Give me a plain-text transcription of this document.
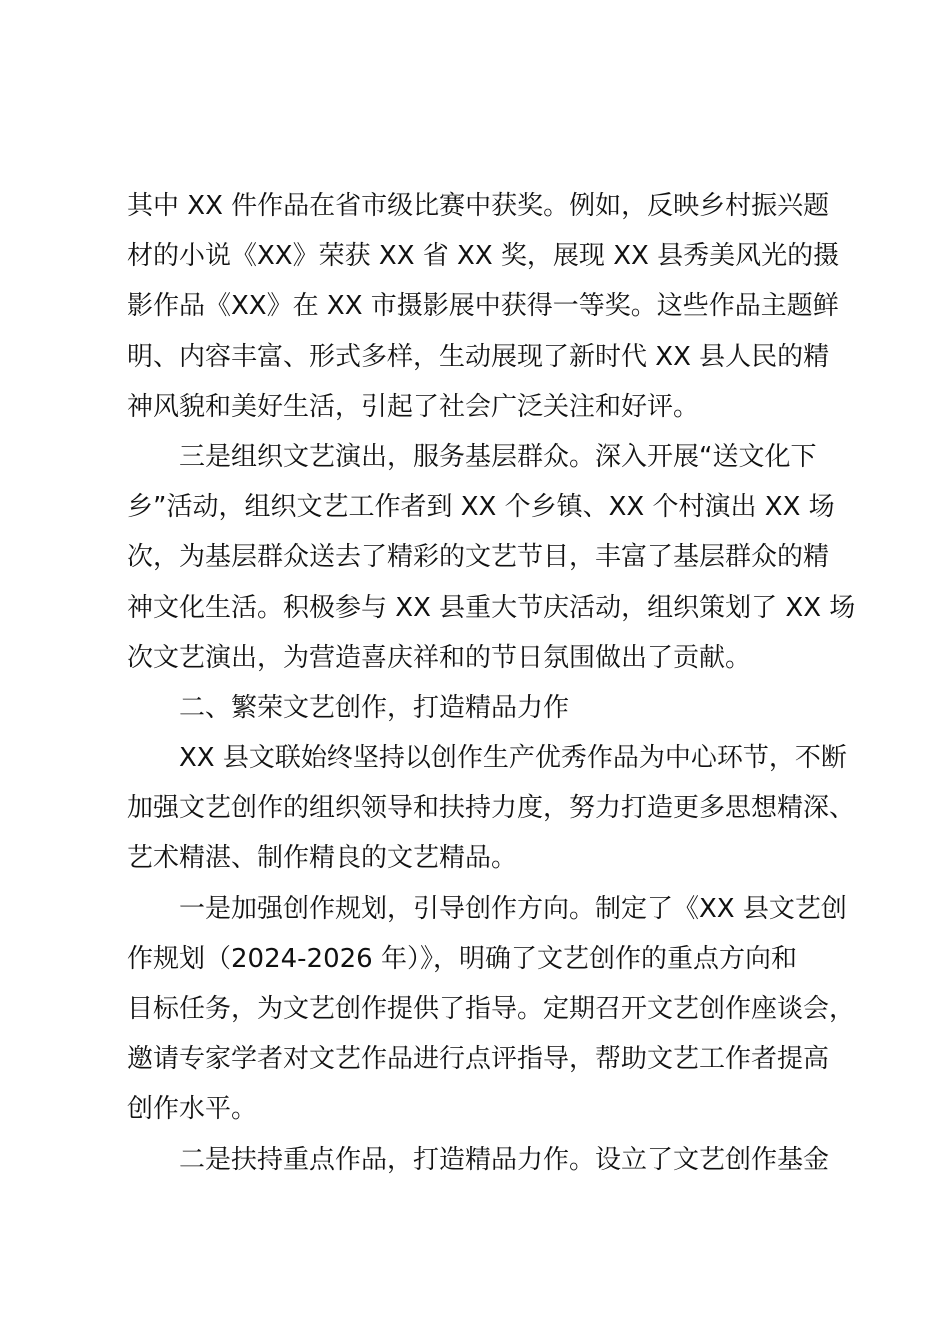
其中 XX 件作品在省市级比赛中获奖。例如，反映乡村振兴题
材的小说《XX》荣获 XX 省 XX 奖，展现 XX 县秀美风光的摄
影作品《XX》在 XX 市摄影展中获得一等奖。这些作品主题鲜
明、内容丰富、形式多样，生动展现了新时代 XX 县人民的精
神风貌和美好生活，引起了社会广泛关注和好评。
三是组织文艺演出，服务基层群众。深入开展“送文化下
乡”活动，组织文艺工作者到 XX 个乡镇、XX 个村演出 XX 场
次，为基层群众送去了精彩的文艺节目，丰富了基层群众的精
神文化生活。积极参与 XX 县重大节庆活动，组织策划了 XX 场
次文艺演出，为营造喜庆祥和的节日氛围做出了贡献。
二、繁荣文艺创作，打造精品力作
XX 县文联始终坚持以创作生产优秀作品为中心环节，不断
加强文艺创作的组织领导和扶持力度，努力打造更多思想精深、
艺术精湛、制作精良的文艺精品。
一是加强创作规划，引导创作方向。制定了《XX 县文艺创
作规划（2024-2026 年）》，明确了文艺创作的重点方向和
目标任务，为文艺创作提供了指导。定期召开文艺创作座谈会，
邀请专家学者对文艺作品进行点评指导，帮助文艺工作者提高
创作水平。
二是扶持重点作品，打造精品力作。设立了文艺创作基金
